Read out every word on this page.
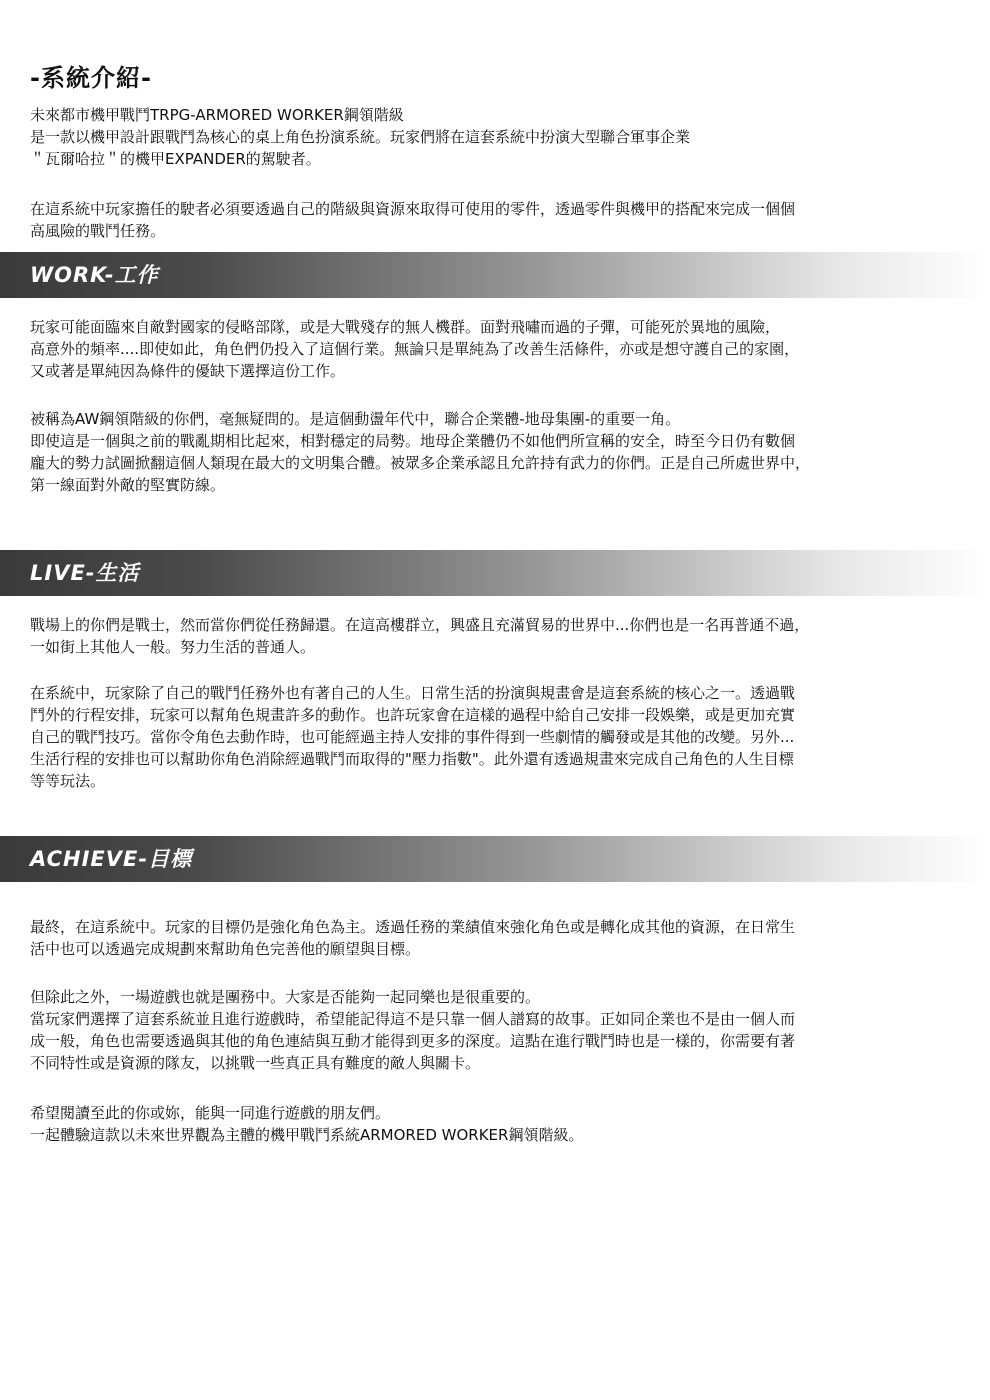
-系統介紹-

未來都市機甲戰鬥TRPG-ARMORED WORKER鋼領階級

是一款以機甲設計跟戰鬥為核心的桌上角色扮演系統。玩家們將在這套系統中扮演大型聯合軍事企業

＂瓦爾哈拉＂的機甲EXPANDER的駕駛者。

在這系統中玩家擔任的駛者必須要透過自己的階級與資源來取得可使用的零件，透過零件與機甲的搭配來完成一個個

高風險的戰鬥任務。

WORK-工作

玩家可能面臨來自敵對國家的侵略部隊，或是大戰殘存的無人機群。面對飛嘯而過的子彈，可能死於異地的風險，

高意外的頻率....即使如此，角色們仍投入了這個行業。無論只是單純為了改善生活條件，亦或是想守護自己的家園，

又或著是單純因為條件的優缺下選擇這份工作。

被稱為AW鋼領階級的你們，毫無疑問的。是這個動盪年代中，聯合企業體-地母集團-的重要一角。

即使這是一個與之前的戰亂期相比起來，相對穩定的局勢。地母企業體仍不如他們所宣稱的安全，時至今日仍有數個

龐大的勢力試圖掀翻這個人類現在最大的文明集合體。被眾多企業承認且允許持有武力的你們。正是自己所處世界中，

第一線面對外敵的堅實防線。

LIVE-生活

戰場上的你們是戰士，然而當你們從任務歸還。在這高樓群立，興盛且充滿貿易的世界中...你們也是一名再普通不過，

一如街上其他人一般。努力生活的普通人。

在系統中，玩家除了自己的戰鬥任務外也有著自己的人生。日常生活的扮演與規畫會是這套系統的核心之一。透過戰

鬥外的行程安排，玩家可以幫角色規畫許多的動作。也許玩家會在這樣的過程中給自己安排一段娛樂，或是更加充實

自己的戰鬥技巧。當你令角色去動作時，也可能經過主持人安排的事件得到一些劇情的觸發或是其他的改變。另外...

生活行程的安排也可以幫助你角色消除經過戰鬥而取得的"壓力指數"。此外還有透過規畫來完成自己角色的人生目標

等等玩法。

ACHIEVE-目標

最終，在這系統中。玩家的目標仍是強化角色為主。透過任務的業績值來強化角色或是轉化成其他的資源，在日常生

活中也可以透過完成規劃來幫助角色完善他的願望與目標。

但除此之外，一場遊戲也就是團務中。大家是否能夠一起同樂也是很重要的。

當玩家們選擇了這套系統並且進行遊戲時，希望能記得這不是只靠一個人譜寫的故事。正如同企業也不是由一個人而

成一般，角色也需要透過與其他的角色連結與互動才能得到更多的深度。這點在進行戰鬥時也是一樣的，你需要有著

不同特性或是資源的隊友，以挑戰一些真正具有難度的敵人與關卡。

希望閱讀至此的你或妳，能與一同進行遊戲的朋友們。

一起體驗這款以未來世界觀為主體的機甲戰鬥系統ARMORED WORKER鋼領階級。
